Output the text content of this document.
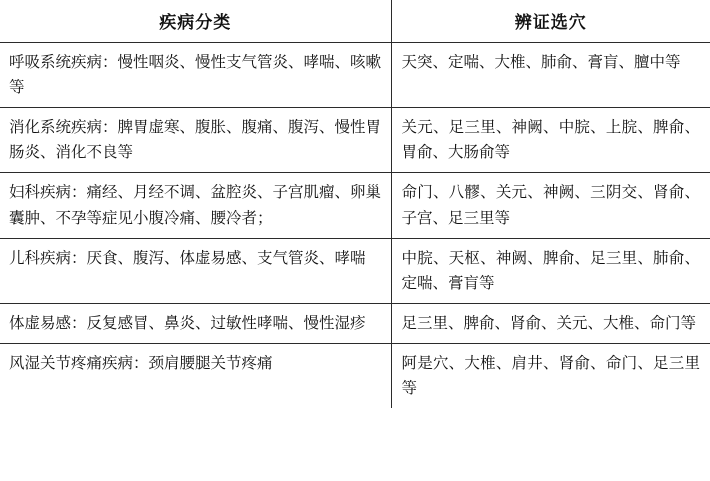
疾病分类	辨证选穴
呼吸系统疾病：慢性咽炎、慢性支气管炎、哮喘、咳嗽等	天突、定喘、大椎、肺俞、膏肓、膻中等
消化系统疾病：脾胃虚寒、腹胀、腹痛、腹泻、慢性胃肠炎、消化不良等	关元、足三里、神阙、中脘、上脘、脾俞、胃俞、大肠俞等
妇科疾病：痛经、月经不调、盆腔炎、子宫肌瘤、卵巢囊肿、不孕等症见小腹冷痛、腰冷者；	命门、八髎、关元、神阙、三阴交、肾俞、子宫、足三里等
儿科疾病：厌食、腹泻、体虚易感、支气管炎、哮喘	中脘、天枢、神阙、脾俞、足三里、肺俞、定喘、膏肓等
体虚易感：反复感冒、鼻炎、过敏性哮喘、慢性湿疹	足三里、脾俞、肾俞、关元、大椎、命门等
风湿关节疼痛疾病：颈肩腰腿关节疼痛	阿是穴、大椎、肩井、肾俞、命门、足三里等
